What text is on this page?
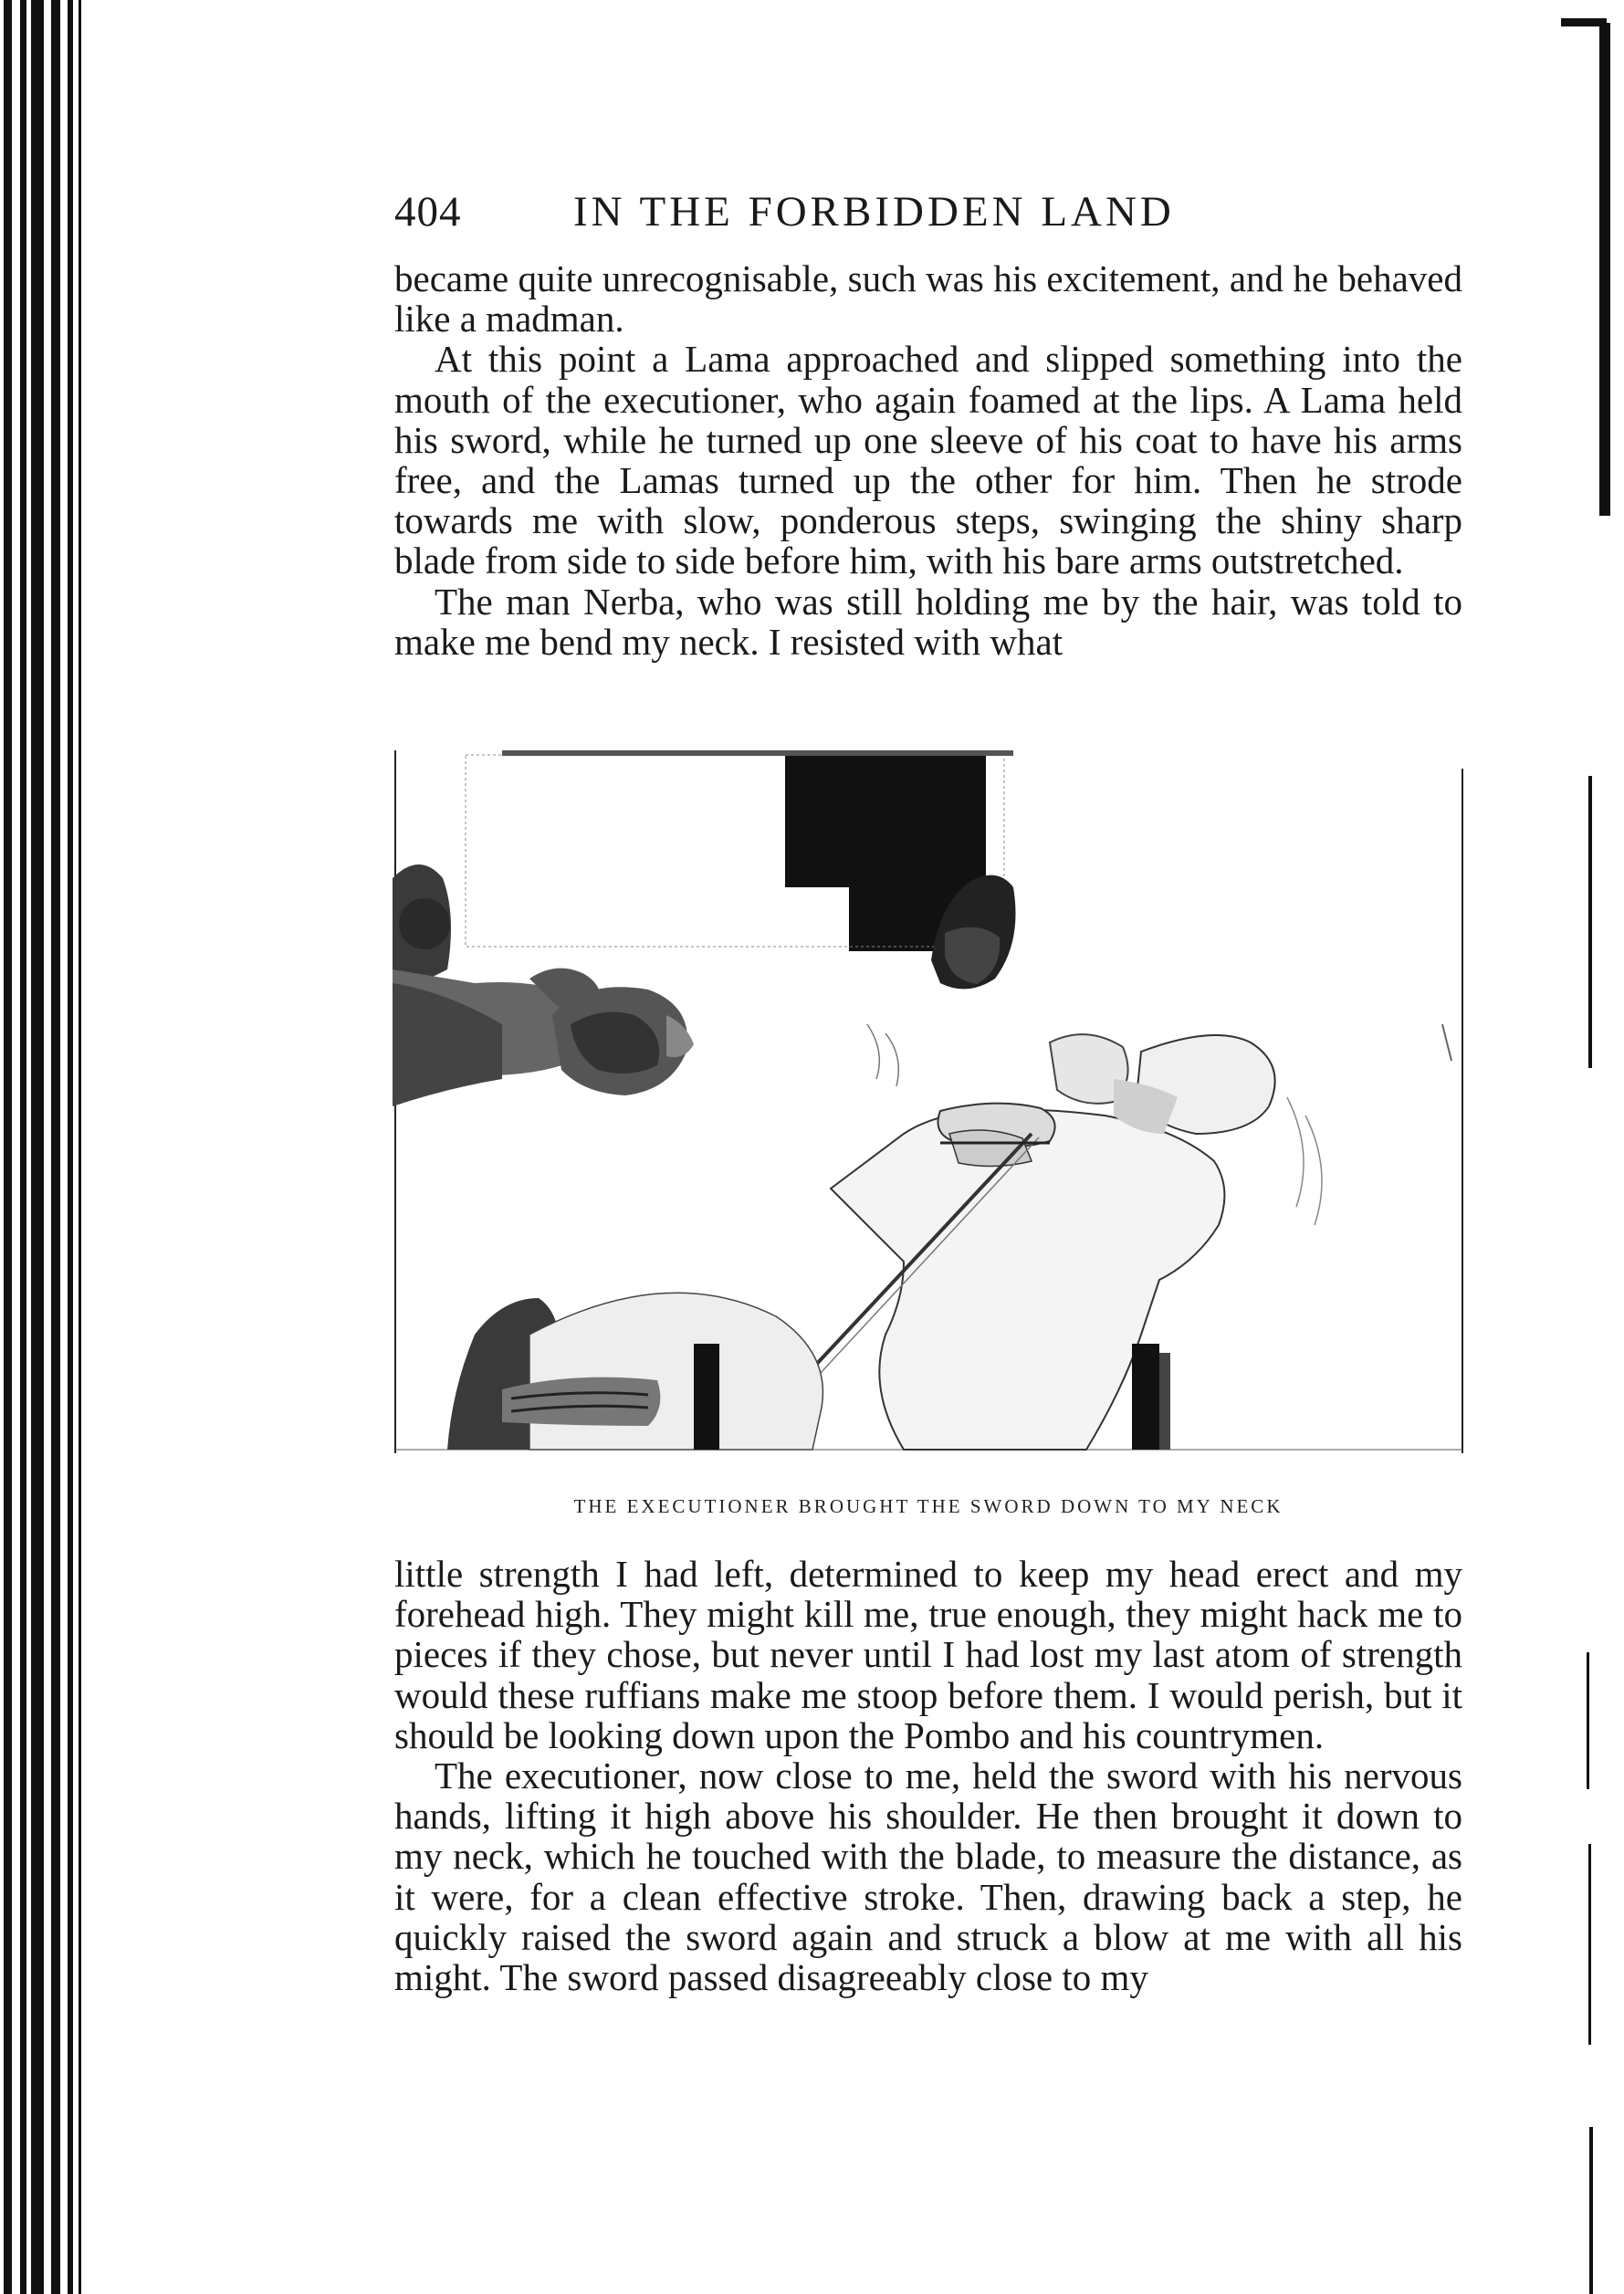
404	IN THE FORBIDDEN LAND

became quite unrecognisable, such was his excitement, and he behaved like a madman.

At this point a Lama approached and slipped something into the mouth of the executioner, who again foamed at the lips. A Lama held his sword, while he turned up one sleeve of his coat to have his arms free, and the Lamas turned up the other for him. Then he strode towards me with slow, ponderous steps, swinging the shiny sharp blade from side to side before him, with his bare arms outstretched.

The man Nerba, who was still holding me by the hair, was told to make me bend my neck. I resisted with what

THE EXECUTIONER BROUGHT THE SWORD DOWN TO MY NECK

little strength I had left, determined to keep my head erect and my forehead high. They might kill me, true enough, they might hack me to pieces if they chose, but never until I had lost my last atom of strength would these ruffians make me stoop before them. I would perish, but it should be looking down upon the Pombo and his countrymen.

The executioner, now close to me, held the sword with his nervous hands, lifting it high above his shoulder. He then brought it down to my neck, which he touched with the blade, to measure the distance, as it were, for a clean effective stroke. Then, drawing back a step, he quickly raised the sword again and struck a blow at me with all his might. The sword passed disagreeably close to my
